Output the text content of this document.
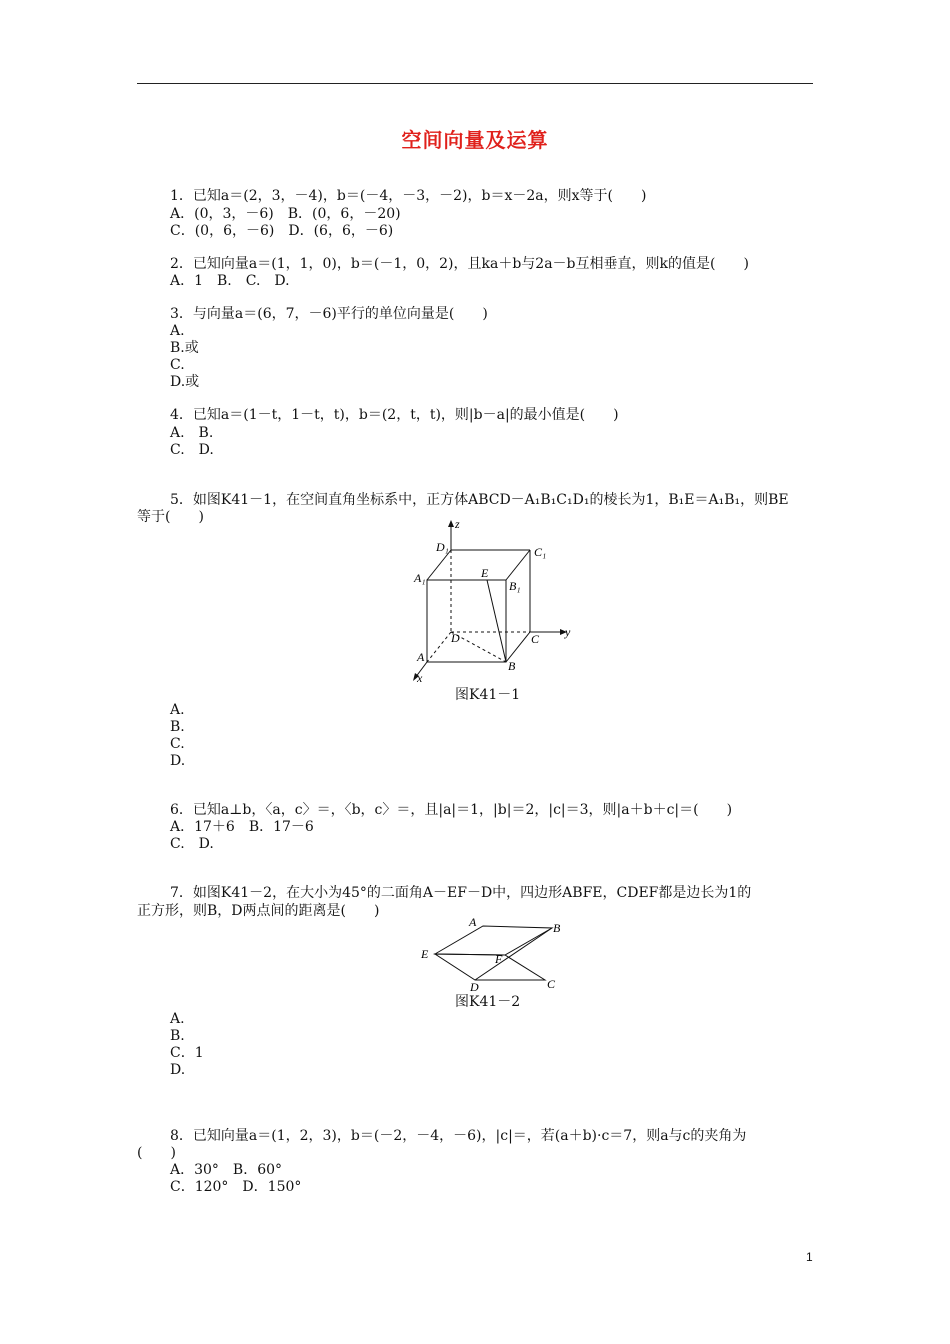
空间向量及运算
1．已知a＝(2，3，－4)，b＝(－4，－3，－2)，b＝x－2a，则x等于(　　)
A．(0，3，－6)　B．(0，6，－20)
C．(0，6，－6)　D．(6，6，－6)
2．已知向量a＝(1，1，0)，b＝(－1，0，2)，且ka＋b与2a－b互相垂直，则k的值是(　　)
A．1　B.　C.　D.
3．与向量a＝(6，7，－6)平行的单位向量是(　　)
A.
B.或
C.
D.或
4．已知a＝(1－t，1－t，t)，b＝(2，t，t)，则|b－a|的最小值是(　　)
A.　B.
C.　D.
5．如图K41－1，在空间直角坐标系中，正方体ABCD－A₁B₁C₁D₁的棱长为1，B₁E＝A₁B₁，则BE
等于(　　)	z
y
x
D₁	C₁
A₁	E
B₁
D	C
A
B
图K41－1
A.
B.
C.
D.
6．已知a⊥b，〈a，c〉＝，〈b，c〉＝，且|a|＝1，|b|＝2，|c|＝3，则|a＋b＋c|＝(　　)
A．17＋6　B．17－6
C.　D.
7．如图K41－2，在大小为45°的二面角A－EF－D中，四边形ABFE，CDEF都是边长为1的
正方形，则B，D两点间的距离是(　　)
A	B
E	F
D	C
图K41－2
A.
B.
C．1
D.
8．已知向量a＝(1，2，3)，b＝(－2，－4，－6)，|c|＝，若(a＋b)·c＝7，则a与c的夹角为
(　　)
A．30°　B．60°
C．120°　D．150°
1
